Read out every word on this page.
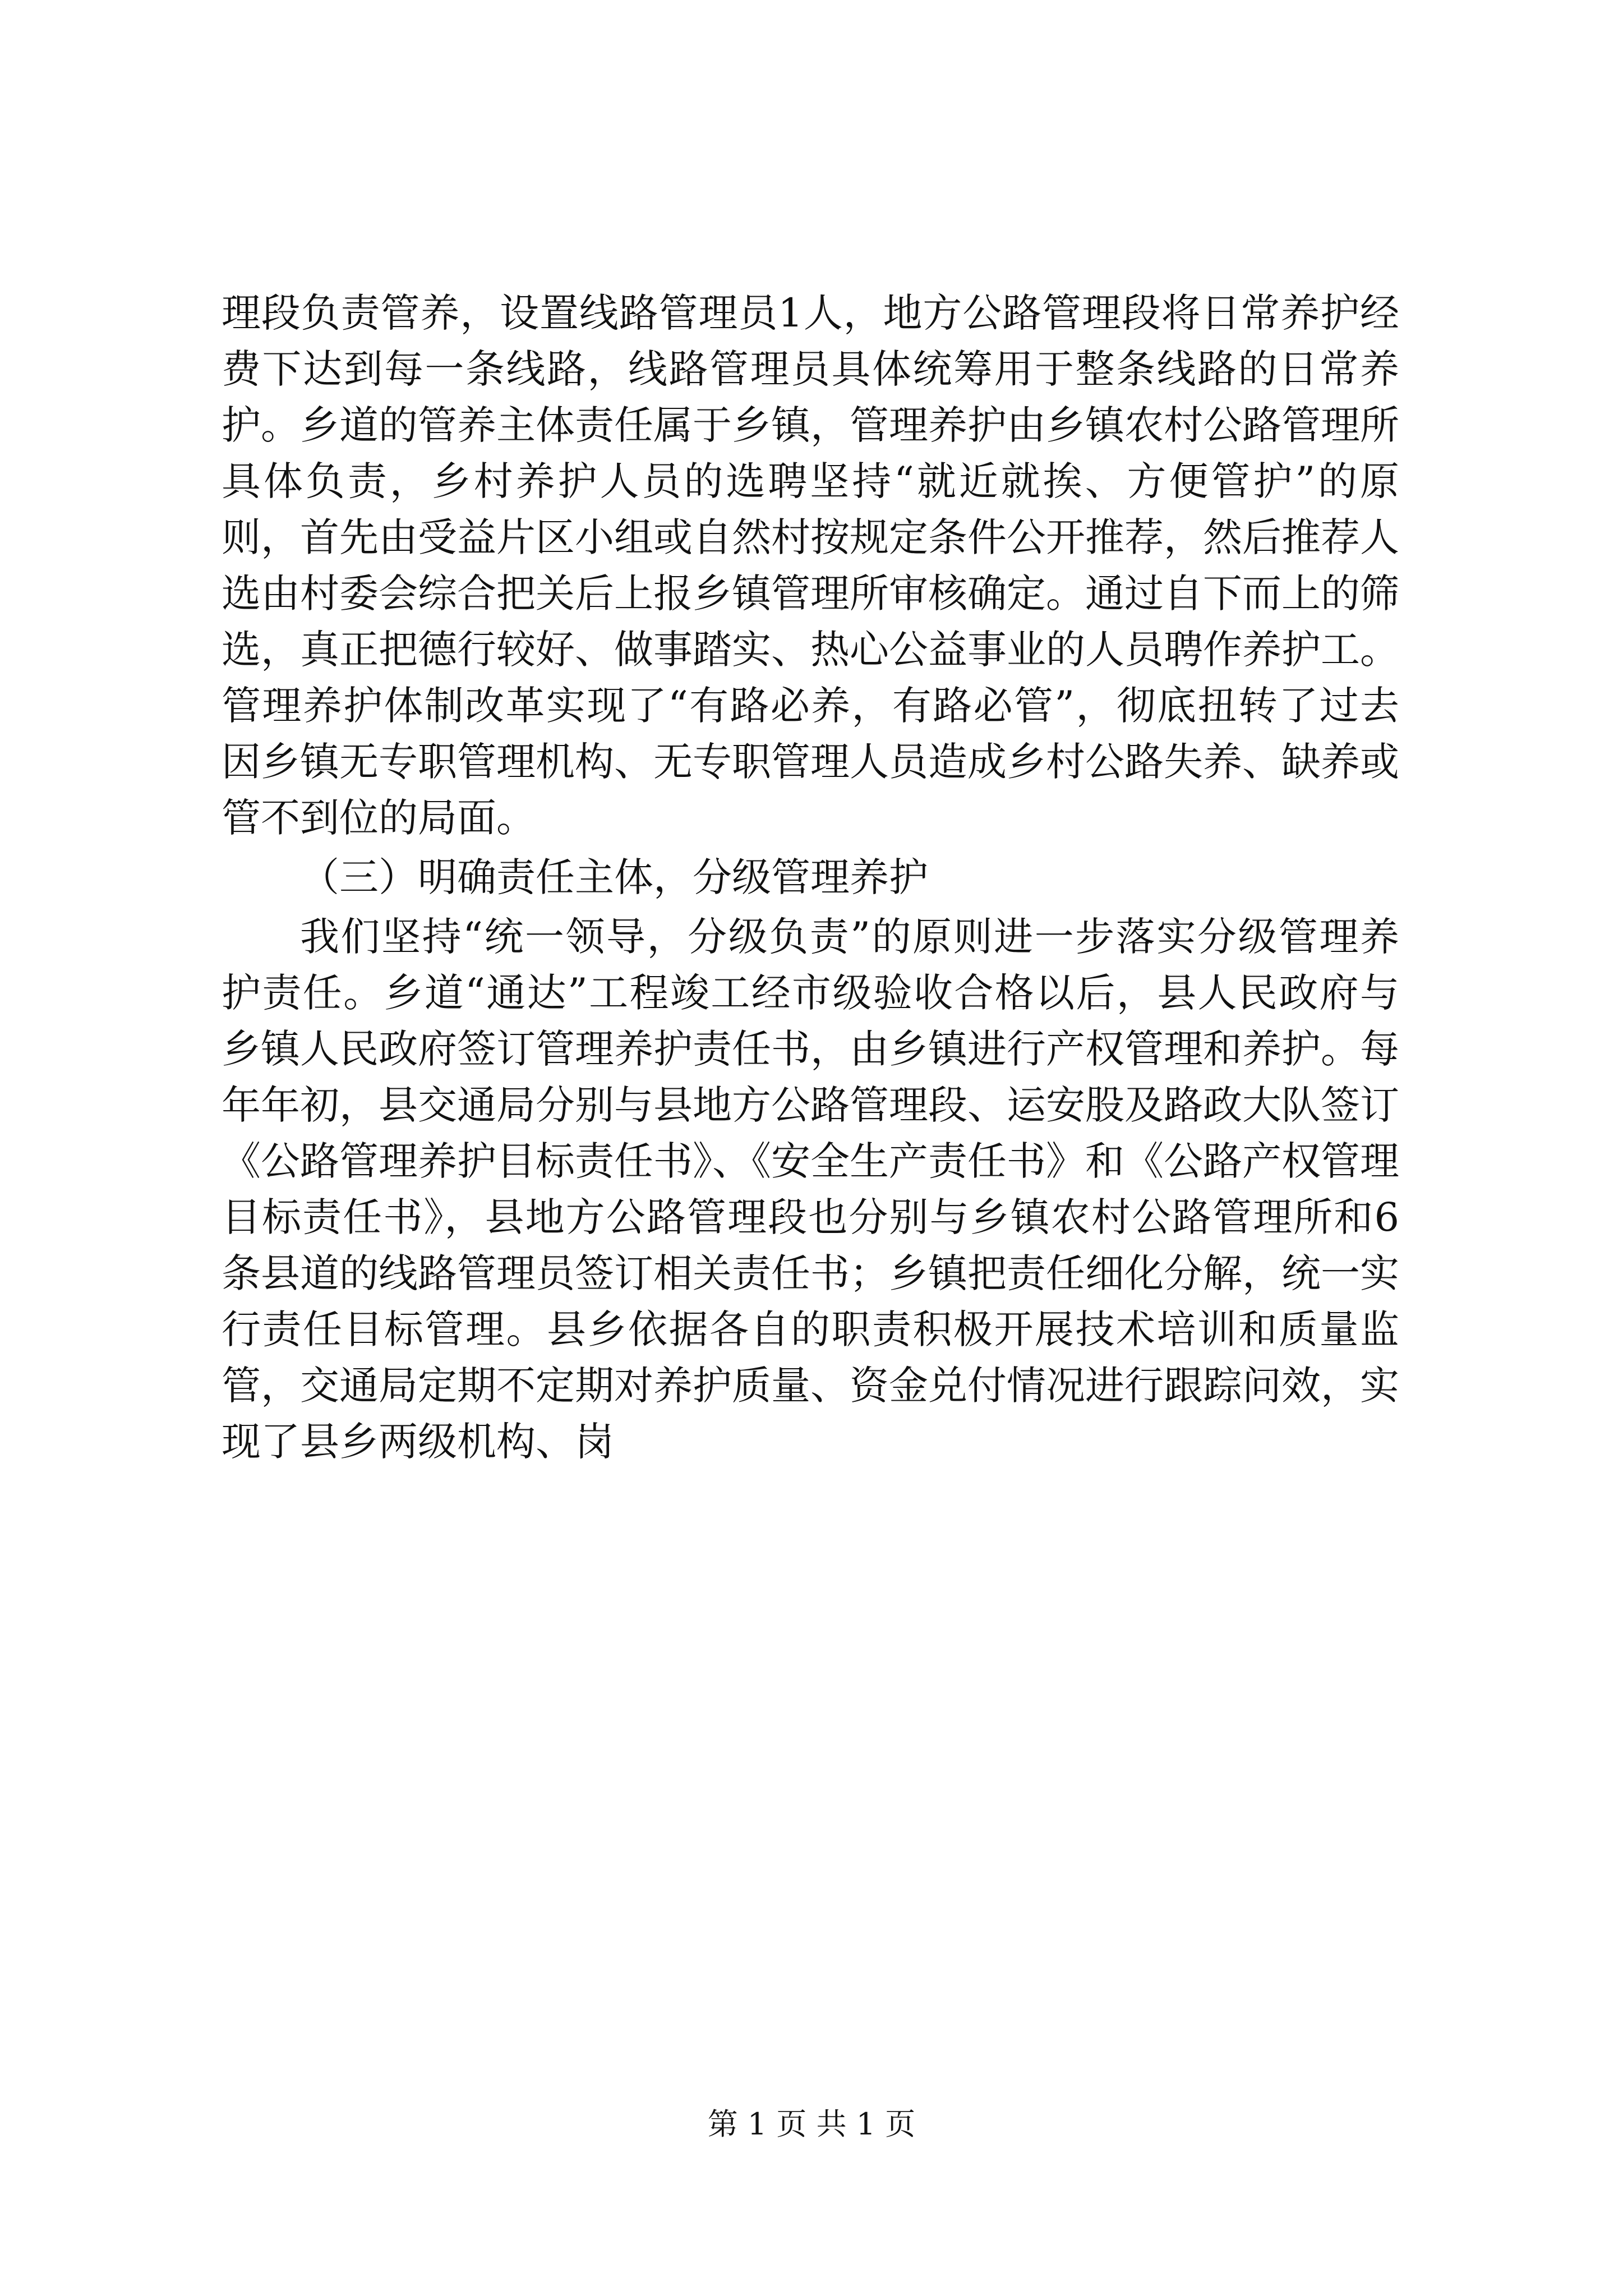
理段负责管养，设置线路管理员1人，地方公路管理段将日常养护经费下达到每一条线路，线路管理员具体统筹用于整条线路的日常养护。乡道的管养主体责任属于乡镇，管理养护由乡镇农村公路管理所具体负责，乡村养护人员的选聘坚持“就近就挨、方便管护”的原则，首先由受益片区小组或自然村按规定条件公开推荐，然后推荐人选由村委会综合把关后上报乡镇管理所审核确定。通过自下而上的筛选，真正把德行较好、做事踏实、热心公益事业的人员聘作养护工。管理养护体制改革实现了“有路必养，有路必管”，彻底扭转了过去因乡镇无专职管理机构、无专职管理人员造成乡村公路失养、缺养或管不到位的局面。

（三）明确责任主体，分级管理养护

我们坚持“统一领导，分级负责”的原则进一步落实分级管理养护责任。乡道“通达”工程竣工经市级验收合格以后，县人民政府与乡镇人民政府签订管理养护责任书，由乡镇进行产权管理和养护。每年年初，县交通局分别与县地方公路管理段、运安股及路政大队签订《公路管理养护目标责任书》、《安全生产责任书》和《公路产权管理目标责任书》，县地方公路管理段也分别与乡镇农村公路管理所和6条县道的线路管理员签订相关责任书；乡镇把责任细化分解，统一实行责任目标管理。县乡依据各自的职责积极开展技术培训和质量监管，交通局定期不定期对养护质量、资金兑付情况进行跟踪问效，实现了县乡两级机构、岗

第 1 页 共 1 页
